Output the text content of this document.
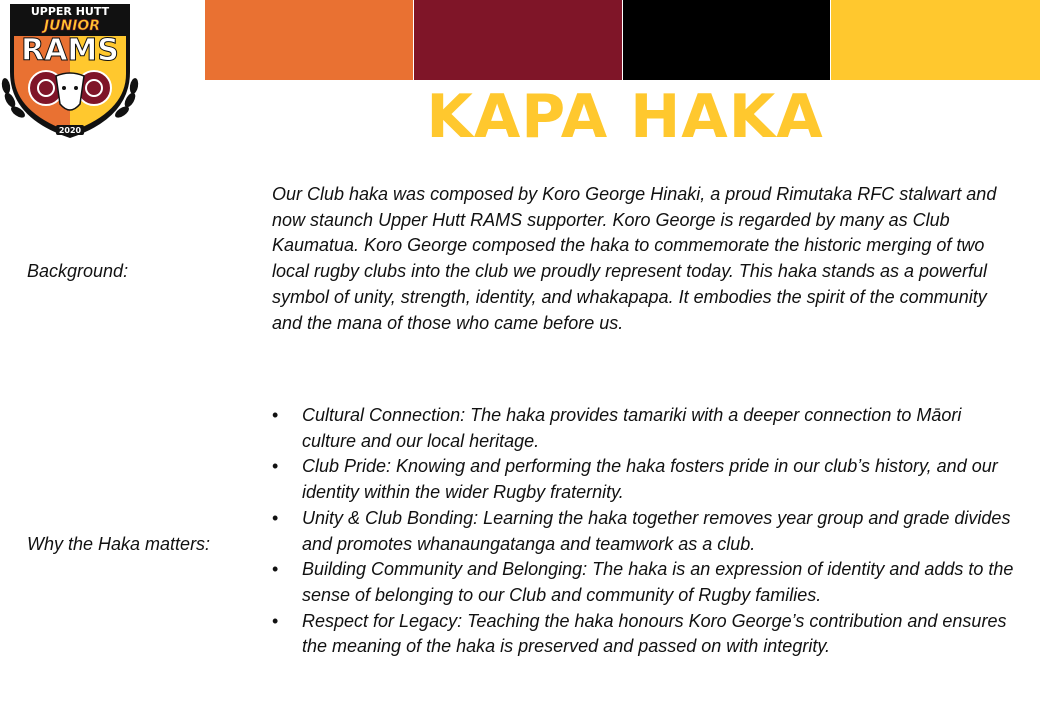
UPPER HUTT
JUNIOR
RAMS
2020	KAPA HAKA
Background:
Our Club haka was composed by Koro George Hinaki, a proud Rimutaka RFC stalwart and now staunch Upper Hutt RAMS supporter. Koro George is regarded by many as Club Kaumatua. Koro George composed the haka to commemorate the historic merging of two local rugby clubs into the club we proudly represent today. This haka stands as a powerful symbol of unity, strength, identity, and whakapapa. It embodies the spirit of the community and the mana of those who came before us.
Why the Haka matters:
• Cultural Connection: The haka provides tamariki with a deeper connection to Māori culture and our local heritage.
• Club Pride: Knowing and performing the haka fosters pride in our club’s history, and our identity within the wider Rugby fraternity.
• Unity & Club Bonding: Learning the haka together removes year group and grade divides and promotes whanaungatanga and teamwork as a club.
• Building Community and Belonging: The haka is an expression of identity and adds to the sense of belonging to our Club and community of Rugby families.
• Respect for Legacy: Teaching the haka honours Koro George’s contribution and ensures the meaning of the haka is preserved and passed on with integrity.
